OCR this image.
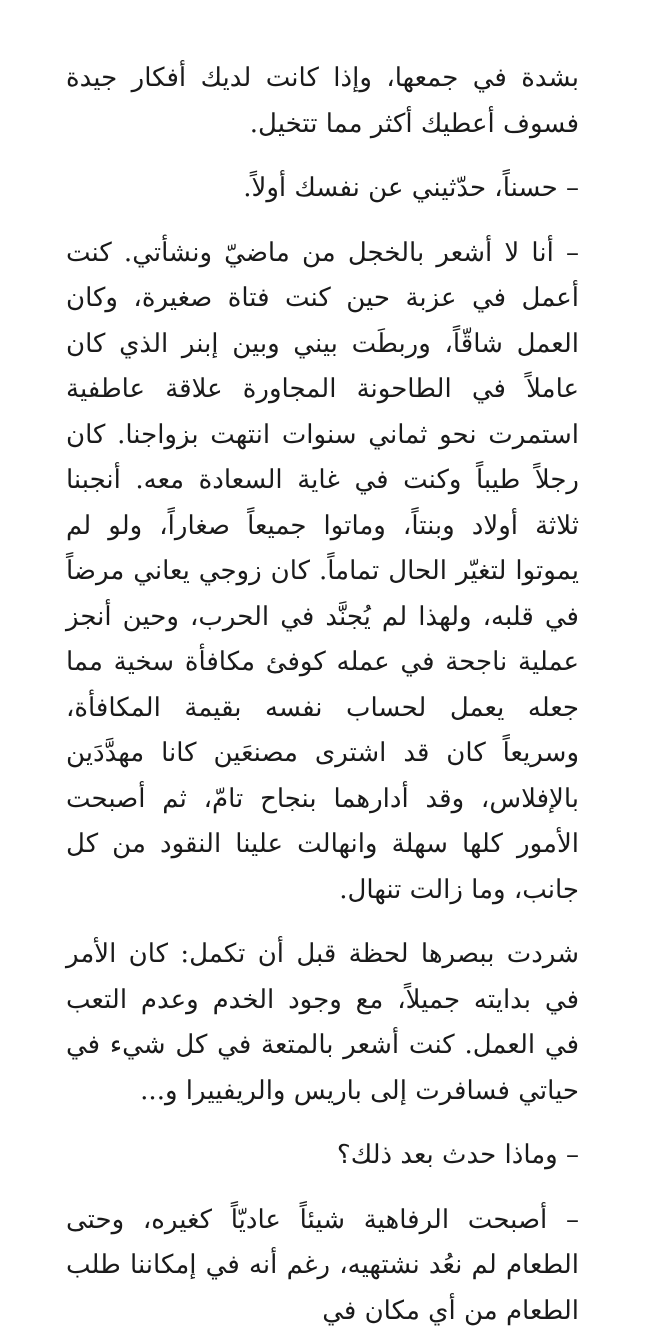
بشدة في جمعها، وإذا كانت لديك أفكار جيدة فسوف أعطيك أكثر مما تتخيل.

– حسناً، حدّثيني عن نفسك أولاً.

– أنا لا أشعر بالخجل من ماضيّ ونشأتي. كنت أعمل في عزبة حين كنت فتاة صغيرة، وكان العمل شاقّاً، وربطَت بيني وبين إبنر الذي كان عاملاً في الطاحونة المجاورة علاقة عاطفية استمرت نحو ثماني سنوات انتهت بزواجنا. كان رجلاً طيباً وكنت في غاية السعادة معه. أنجبنا ثلاثة أولاد وبنتاً، وماتوا جميعاً صغاراً، ولو لم يموتوا لتغيّر الحال تماماً. كان زوجي يعاني مرضاً في قلبه، ولهذا لم يُجنَّد في الحرب، وحين أنجز عملية ناجحة في عمله كوفئ مكافأة سخية مما جعله يعمل لحساب نفسه بقيمة المكافأة، وسريعاً كان قد اشترى مصنعَين كانا مهدَّدَين بالإفلاس، وقد أدارهما بنجاح تامّ، ثم أصبحت الأمور كلها سهلة وانهالت علينا النقود من كل جانب، وما زالت تنهال.

شردت ببصرها لحظة قبل أن تكمل: كان الأمر في بدايته جميلاً، مع وجود الخدم وعدم التعب في العمل. كنت أشعر بالمتعة في كل شيء في حياتي فسافرت إلى باريس والريفييرا و...

– وماذا حدث بعد ذلك؟

– أصبحت الرفاهية شيئاً عاديّاً كغيره، وحتى الطعام لم نعُد نشتهيه، رغم أنه في إمكاننا طلب الطعام من أي مكان في
